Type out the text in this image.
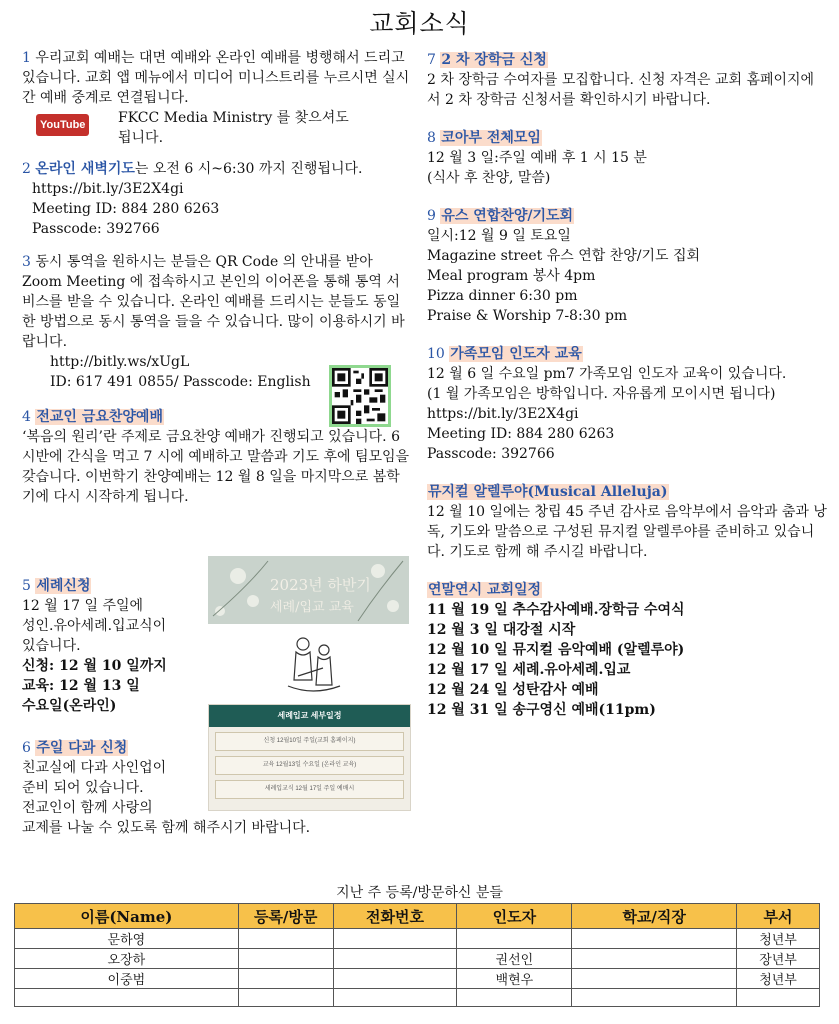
교회소식

1 우리교회 예배는 대면 예배와 온라인 예배를 병행해서 드리고 있습니다. 교회 앱 메뉴에서 미디어 미니스트리를 누르시면 실시간 예배 중계로 연결됩니다.

YouTube FKCC Media Ministry 를 찾으셔도
됩니다.

2 온라인 새벽기도는 오전 6 시~6:30 까지 진행됩니다.

https://bit.ly/3E2X4gi

Meeting ID: 884 280 6263

Passcode: 392766

3 동시 통역을 원하시는 분들은 QR Code 의 안내를 받아 Zoom Meeting 에 접속하시고 본인의 이어폰을 통해 통역 서비스를 받을 수 있습니다. 온라인 예배를 드리시는 분들도 동일한 방법으로 동시 통역을 들을 수 있습니다. 많이 이용하시기 바랍니다.

http://bitly.ws/xUgL

ID: 617 491 0855/ Passcode: English

4 전교인 금요찬양예배

‘복음의 원리’란 주제로 금요찬양 예배가 진행되고 있습니다. 6 시반에 간식을 먹고 7 시에 예배하고 말씀과 기도 후에 팀모임을 갖습니다. 이번학기 찬양예배는 12 월 8 일을 마지막으로 봄학기에 다시 시작하게 됩니다.

5 세례신청

12 월 17 일 주일에

성인.유아세례.입교식이

있습니다.

신청: 12 월 10 일까지

교육: 12 월 13 일

수요일(온라인)

6 주일 다과 신청

친교실에 다과 사인업이

준비 되어 있습니다.

전교인이 함께 사랑의

교제를 나눌 수 있도록 함께 해주시기 바랍니다.

2023년 하반기
세례/입교 교육
세례입교 세부일정
신청 12월10일 주일(교회 홈페이지)
교육 12월13일 수요일 (온라인 교육)
세례입교식 12월 17일 주일 예배시

7 2 차 장학금 신청

2 차 장학금 수여자를 모집합니다. 신청 자격은 교회 홈페이지에서 2 차 장학금 신청서를 확인하시기 바랍니다.

8 코아부 전체모임

12 월 3 일:주일 예배 후 1 시 15 분

(식사 후 찬양, 말씀)

9 유스 연합찬양/기도회

일시:12 월 9 일 토요일

Magazine street 유스 연합 찬양/기도 집회

Meal program 봉사 4pm

Pizza dinner 6:30 pm

Praise & Worship 7-8:30 pm

10 가족모임 인도자 교육

12 월 6 일 수요일 pm7 가족모임 인도자 교육이 있습니다.

(1 월 가족모임은 방학입니다. 자유롭게 모이시면 됩니다)

https://bit.ly/3E2X4gi

Meeting ID: 884 280 6263

Passcode: 392766

뮤지컬 알렐루야(Musical Alleluja)

12 월 10 일에는 창립 45 주년 감사로 음악부에서 음악과 춤과 낭독, 기도와 말씀으로 구성된 뮤지컬 알렐루야를 준비하고 있습니다. 기도로 함께 해 주시길 바랍니다.

연말연시 교회일정

11 월 19 일 추수감사예배.장학금 수여식

12 월 3 일 대강절 시작

12 월 10 일 뮤지컬 음악예배 (알렐루야)

12 월 17 일 세례.유아세례.입교

12 월 24 일 성탄감사 예배

12 월 31 일 송구영신 예배(11pm)

지난 주 등록/방문하신 분들
이름(Name)	등록/방문	전화번호	인도자	학교/직장	부서
문하영					청년부
오장하			권선인		장년부
이중범			백현우		청년부
